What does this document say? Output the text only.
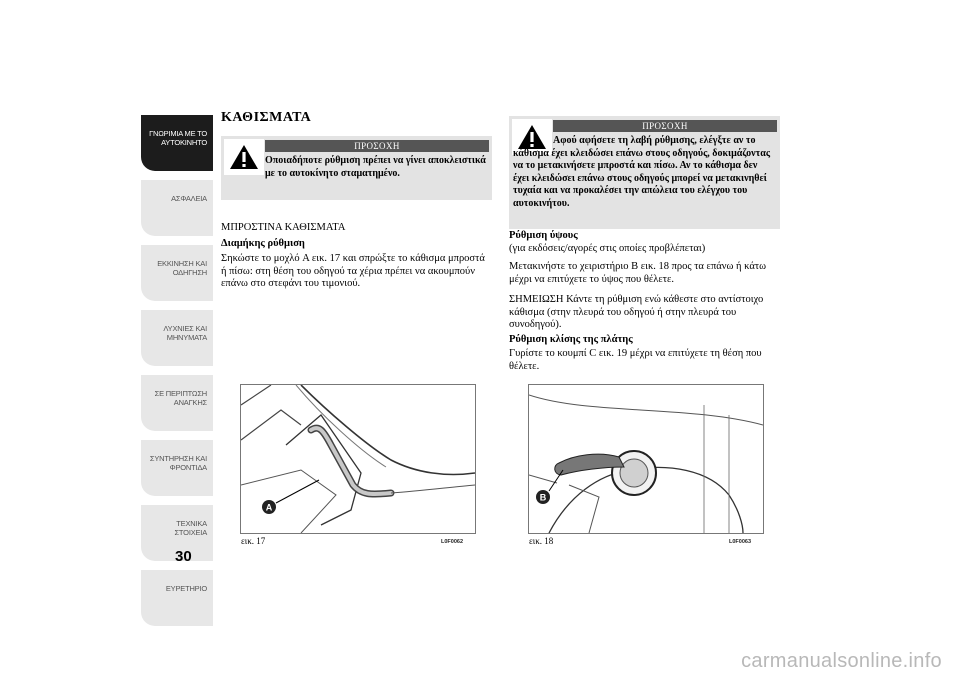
ΓΝΩΡΙΜΙΑ ΜΕ ΤΟ ΑΥΤΟΚΙΝΗΤΟ
ΑΣΦΑΛΕΙΑ
ΕΚΚΙΝΗΣΗ ΚΑΙ ΟΔΗΓΗΣΗ
ΛΥΧΝΙΕΣ ΚΑΙ ΜΗΝΥΜΑΤΑ
ΣΕ ΠΕΡΙΠΤΩΣΗ ΑΝΑΓΚΗΣ
ΣΥΝΤΗΡΗΣΗ ΚΑΙ ΦΡΟΝΤΙΔΑ
ΤΕΧΝΙΚΑ ΣΤΟΙΧΕΙΑ
ΕΥΡΕΤΗΡΙΟ
30
ΚΑΘΙΣΜΑΤΑ
ΠΡΟΣΟΧΗ
Οποιαδήποτε ρύθμιση πρέπει να γίνει αποκλειστικά με το αυτοκίνητο σταματημένο.
ΜΠΡΟΣΤΙΝΑ ΚΑΘΙΣΜΑΤΑ
Διαμήκης ρύθμιση
Σηκώστε το μοχλό A εικ. 17 και σπρώξτε το κάθισμα μπροστά ή πίσω: στη θέση του οδηγού τα χέρια πρέπει να ακουμπούν επάνω στο στεφάνι του τιμονιού.
A
εικ. 17	L0F0062
ΠΡΟΣΟΧΗ
Αφού αφήσετε τη λαβή ρύθμισης, ελέγξτε αν το κάθισμα έχει κλειδώσει επάνω στους οδηγούς, δοκιμάζοντας να το μετακινήσετε μπροστά και πίσω. Αν το κάθισμα δεν έχει κλειδώσει επάνω στους οδηγούς μπορεί να μετακινηθεί τυχαία και να προκαλέσει την απώλεια του ελέγχου του αυτοκινήτου.
Ρύθμιση ύψους
(για εκδόσεις/αγορές στις οποίες προβλέπεται)
Μετακινήστε το χειριστήριο B εικ. 18 προς τα επάνω ή κάτω μέχρι να επιτύχετε το ύψος που θέλετε.
ΣΗΜΕΙΩΣΗ Κάντε τη ρύθμιση ενώ κάθεστε στο αντίστοιχο κάθισμα (στην πλευρά του οδηγού ή στην πλευρά του συνοδηγού).
Ρύθμιση κλίσης της πλάτης
Γυρίστε το κουμπί C εικ. 19 μέχρι να επιτύχετε τη θέση που θέλετε.
B
εικ. 18	L0F0063
carmanualsonline.info
